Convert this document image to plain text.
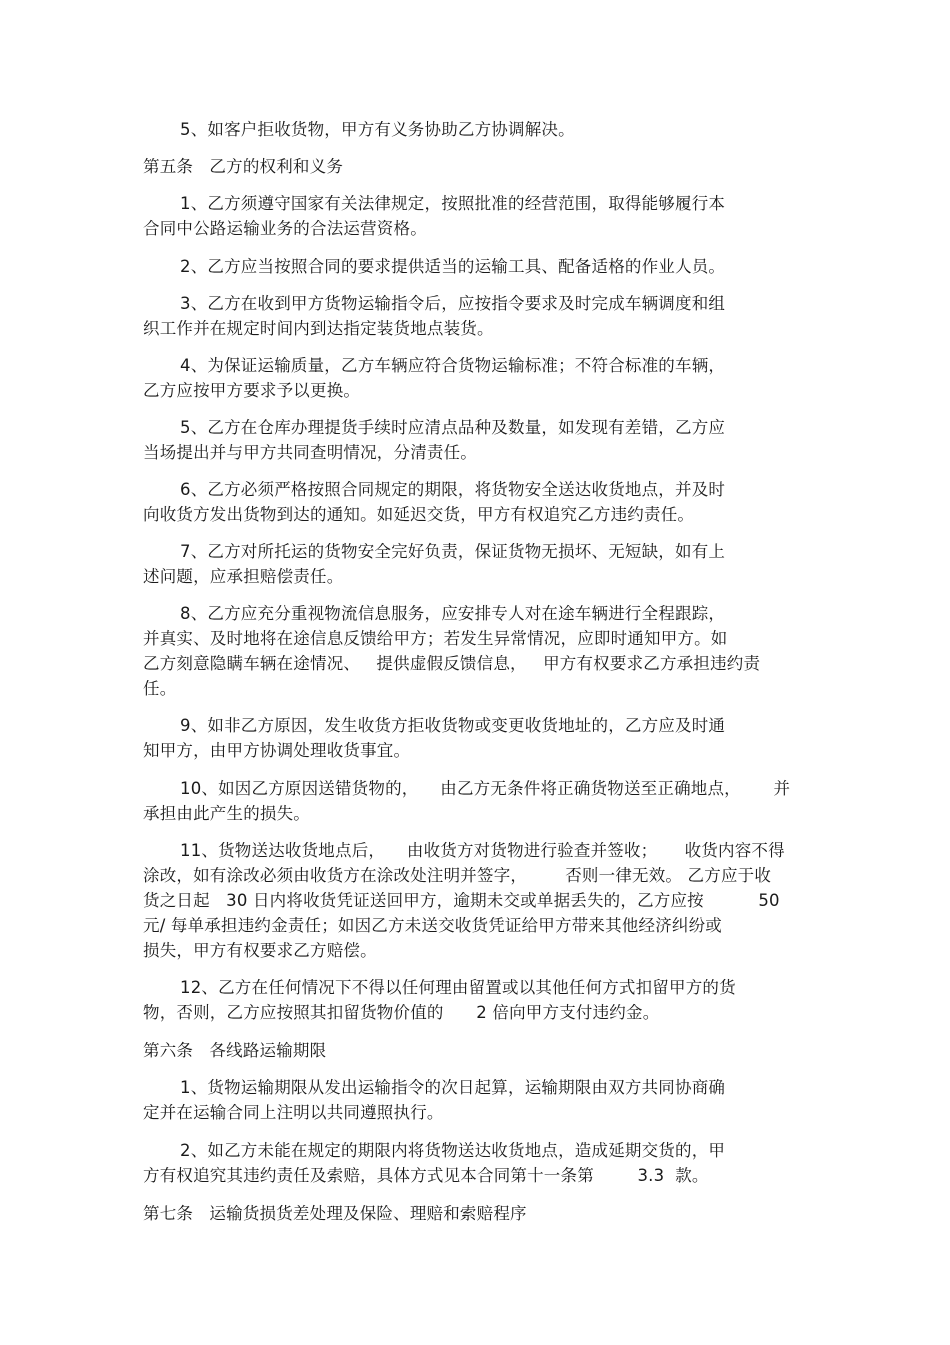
5、如客户拒收货物，甲方有义务协助乙方协调解决。
第五条   乙方的权利和义务
1、乙方须遵守国家有关法律规定，按照批准的经营范围，取得能够履行本
合同中公路运输业务的合法运营资格。
2、乙方应当按照合同的要求提供适当的运输工具、配备适格的作业人员。
3、乙方在收到甲方货物运输指令后，应按指令要求及时完成车辆调度和组
织工作并在规定时间内到达指定装货地点装货。
4、为保证运输质量，乙方车辆应符合货物运输标准；不符合标准的车辆，
乙方应按甲方要求予以更换。
5、乙方在仓库办理提货手续时应清点品种及数量，如发现有差错，乙方应
当场提出并与甲方共同查明情况，分清责任。
6、乙方必须严格按照合同规定的期限，将货物安全送达收货地点，并及时
向收货方发出货物到达的通知。如延迟交货，甲方有权追究乙方违约责任。
7、乙方对所托运的货物安全完好负责，保证货物无损坏、无短缺，如有上
述问题，应承担赔偿责任。
8、乙方应充分重视物流信息服务，应安排专人对在途车辆进行全程跟踪，
并真实、及时地将在途信息反馈给甲方；若发生异常情况，应即时通知甲方。如
乙方刻意隐瞒车辆在途情况、   提供虚假反馈信息，   甲方有权要求乙方承担违约责
任。
9、如非乙方原因，发生收货方拒收货物或变更收货地址的，乙方应及时通
知甲方，由甲方协调处理收货事宜。
10、如因乙方原因送错货物的，    由乙方无条件将正确货物送至正确地点，      并
承担由此产生的损失。
11、货物送达收货地点后，    由收货方对货物进行验查并签收；     收货内容不得
涂改，如有涂改必须由收货方在涂改处注明并签字，       否则一律无效。 乙方应于收
货之日起   30 日内将收货凭证送回甲方，逾期未交或单据丢失的，乙方应按          50
元/ 每单承担违约金责任；如因乙方未送交收货凭证给甲方带来其他经济纠纷或
损失，甲方有权要求乙方赔偿。
12、乙方在任何情况下不得以任何理由留置或以其他任何方式扣留甲方的货
物，否则，乙方应按照其扣留货物价值的      2 倍向甲方支付违约金。
第六条   各线路运输期限
1、货物运输期限从发出运输指令的次日起算，运输期限由双方共同协商确
定并在运输合同上注明以共同遵照执行。
2、如乙方未能在规定的期限内将货物送达收货地点，造成延期交货的，甲
方有权追究其违约责任及索赔，具体方式见本合同第十一条第        3.3  款。
第七条   运输货损货差处理及保险、理赔和索赔程序
